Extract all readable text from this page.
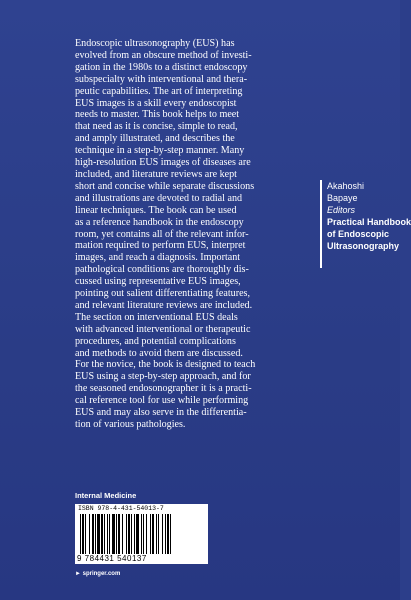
Endoscopic ultrasonography (EUS) has
evolved from an obscure method of investi-
gation in the 1980s to a distinct endoscopy
subspecialty with interventional and thera-
peutic capabilities. The art of interpreting
EUS images is a skill every endoscopist
needs to master. This book helps to meet
that need as it is concise, simple to read,
and amply illustrated, and describes the
technique in a step-by-step manner. Many
high-resolution EUS images of diseases are
included, and literature reviews are kept
short and concise while separate discussions
and illustrations are devoted to radial and
linear techniques. The book can be used
as a reference handbook in the endoscopy
room, yet contains all of the relevant infor-
mation required to perform EUS, interpret
images, and reach a diagnosis. Important
pathological conditions are thoroughly dis-
cussed using representative EUS images,
pointing out salient differentiating features,
and relevant literature reviews are included.
The section on interventional EUS deals
with advanced interventional or therapeutic
procedures, and potential complications
and methods to avoid them are discussed.
For the novice, the book is designed to teach
EUS using a step-by-step approach, and for
the seasoned endosonographer it is a practi-
cal reference tool for use while performing
EUS and may also serve in the differentia-
tion of various pathologies.
Akahoshi
Bapaye
Editors
Practical Handbook
of Endoscopic
Ultrasonography
Internal Medicine
ISBN 978-4-431-54013-7
9 784431 540137
► springer.com
